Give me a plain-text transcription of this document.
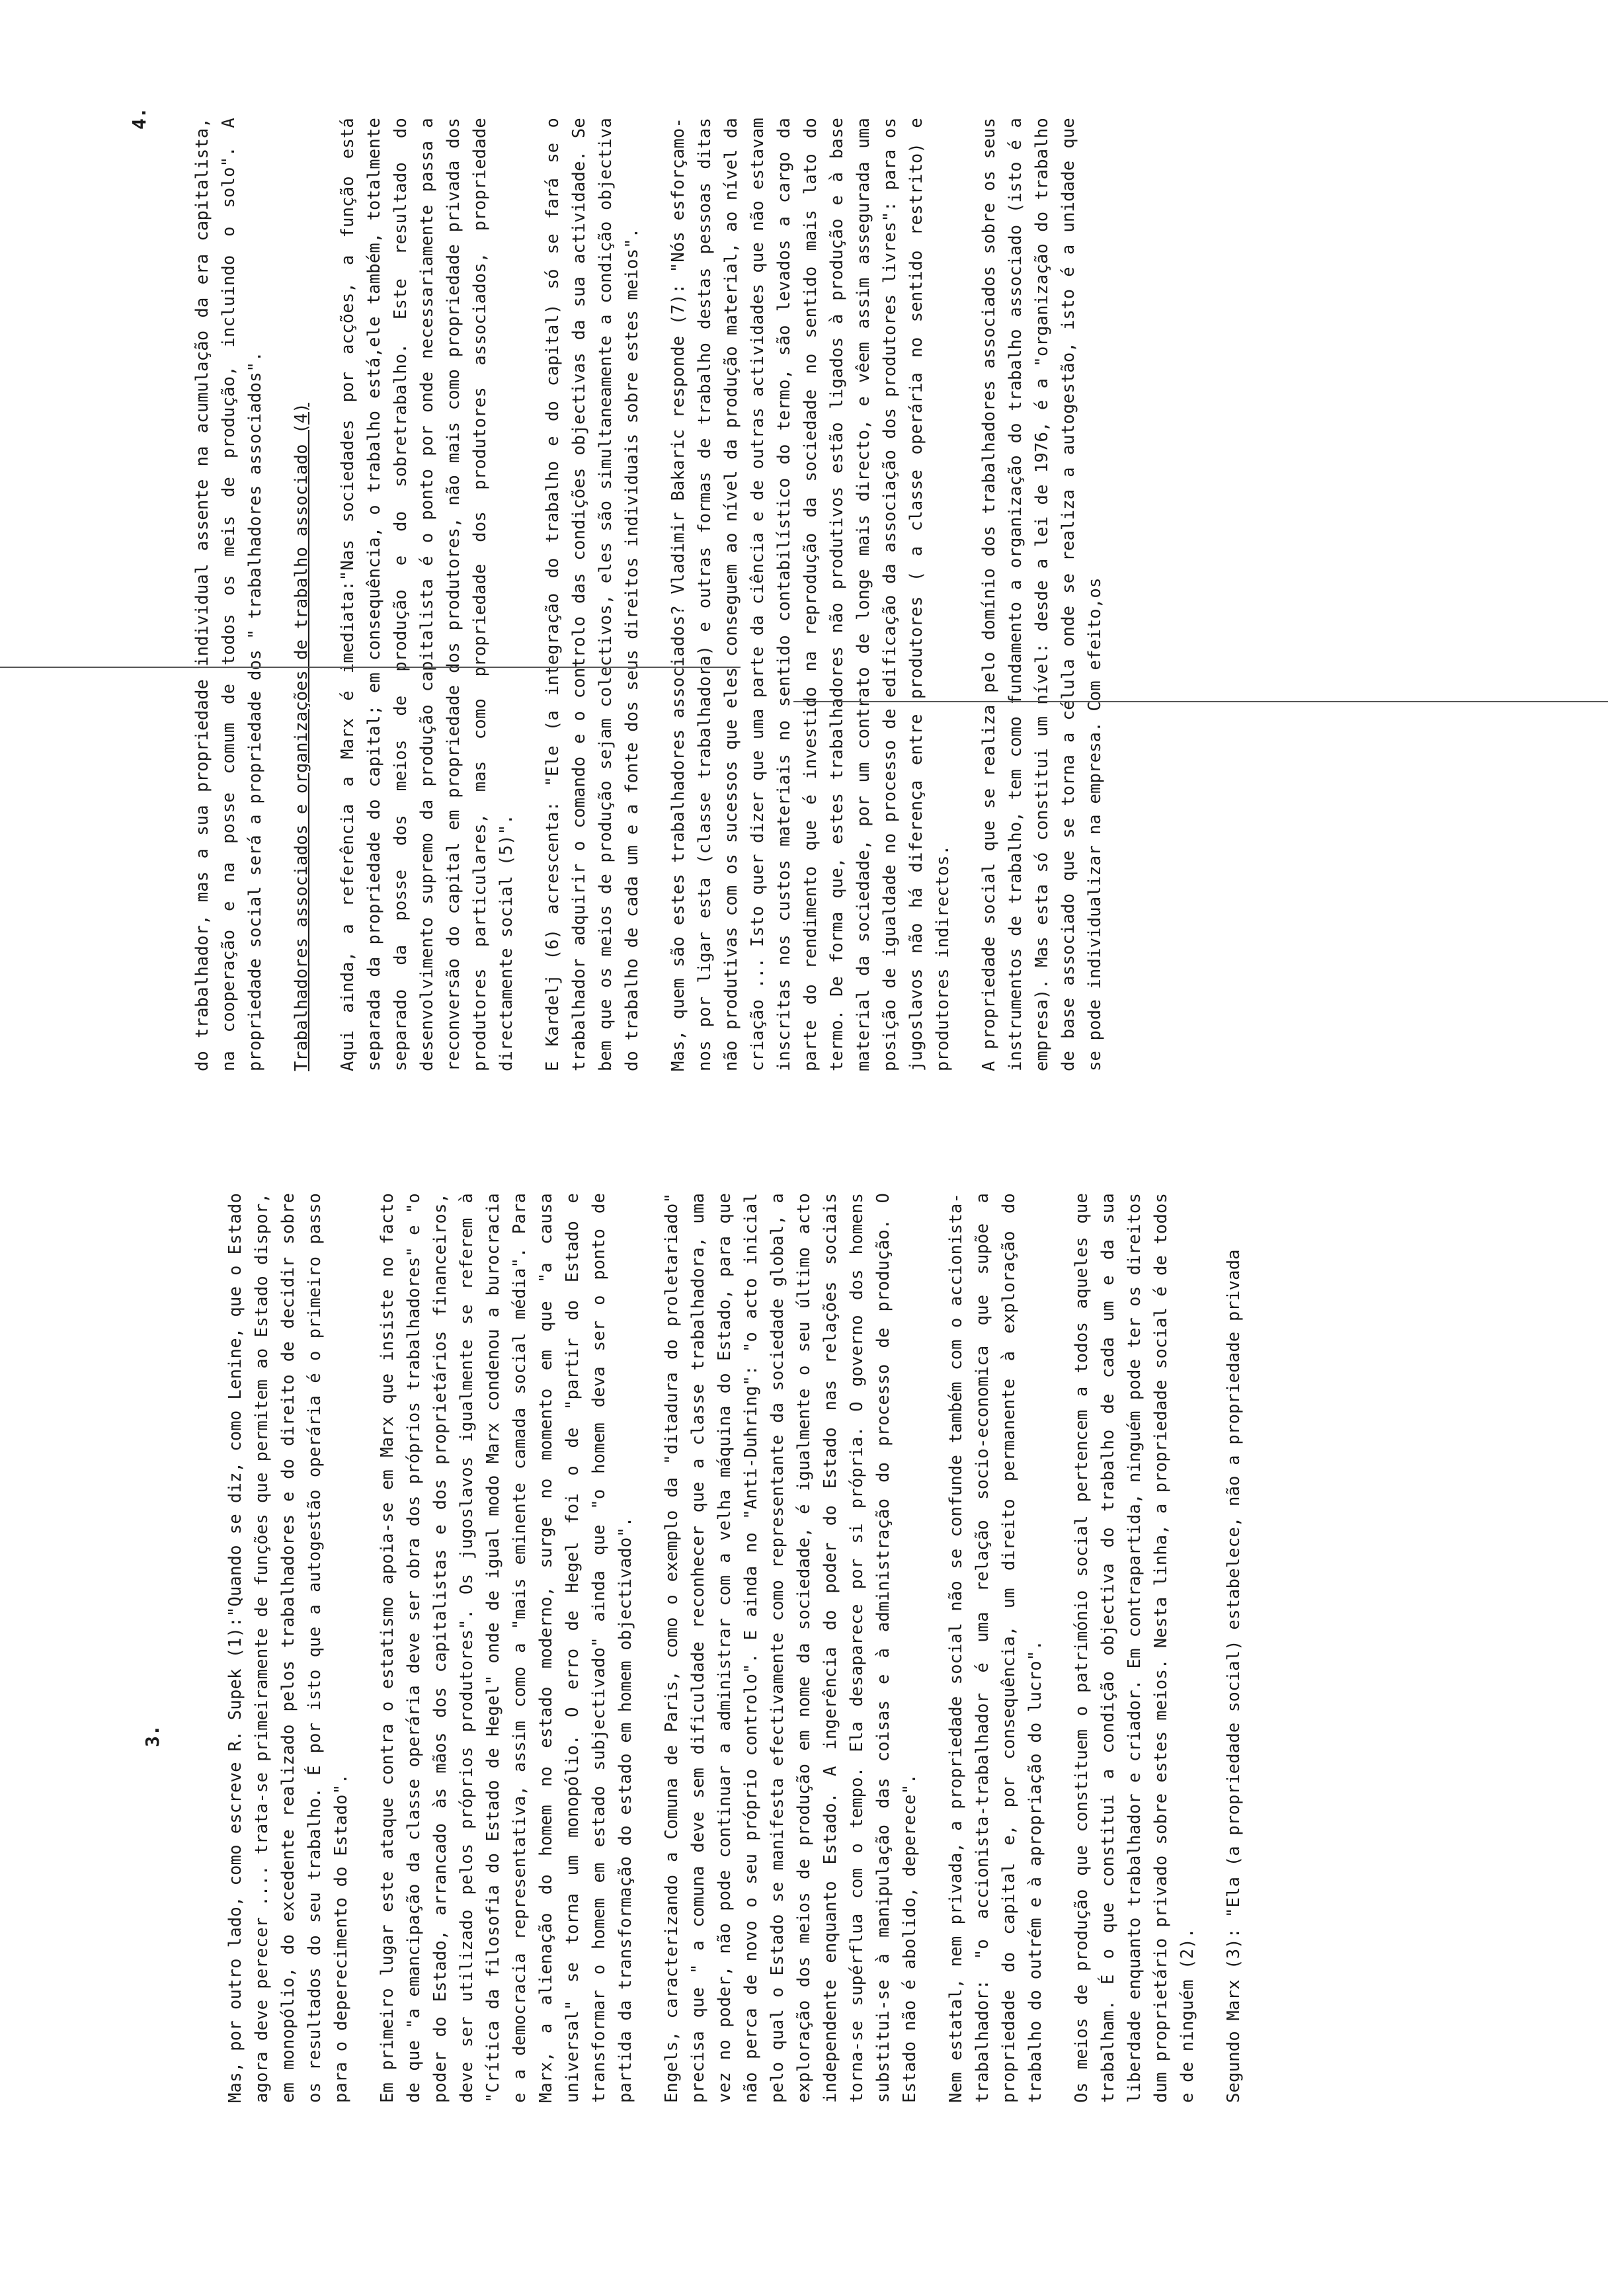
3.	Mas, por outro lado, como escreve R. Supek (1):"Quando se diz, como Lenine, que o Estado agora deve perecer .... trata-se primeiramente de funções que permitem ao Estado dispor, em monopólio, do excedente realizado pelos trabalhadores e do direito de decidir sobre os resultados do seu trabalho. É por isto que a autogestão operária é o primeiro passo para o deperecimento do Estado". Em primeiro lugar este ataque contra o estatismo apoia-se em Marx que insiste no facto de que "a emancipação da classe operária deve ser obra dos próprios trabalhadores" e "o poder do Estado, arrancado às mãos dos capitalistas e dos proprietários financeiros, deve ser utilizado pelos próprios produtores". Os jugoslavos igualmente se referem à "Crítica da filosofia do Estado de Hegel" onde de igual modo Marx condenou a burocracia e a democracia representativa, assim como a "mais eminente camada social média". Para Marx, a alienação do homem no estado moderno, surge no momento em que "a causa universal" se torna um monopólio. O erro de Hegel foi o de "partir do Estado e transformar o homem em estado subjectivado" ainda que "o homem deva ser o ponto de partida da transformação do estado em homem objectivado". Engels, caracterizando a Comuna de Paris, como o exemplo da "ditadura do proletariado" precisa que " a comuna deve sem dificuldade reconhecer que a classe trabalhadora, uma vez no poder, não pode continuar a administrar com a velha máquina do Estado, para que não perca de novo o seu próprio controlo". E ainda no "Anti-Duhring": "o acto inicial pelo qual o Estado se manifesta efectivamente como representante da sociedade global, a exploração dos meios de produção em nome da sociedade, é igualmente o seu último acto independente enquanto Estado. A ingerência do poder do Estado nas relações sociais torna-se supérflua com o tempo. Ela desaparece por si própria. O governo dos homens substitui-se à manipulação das coisas e à administração do processo de produção. O Estado não é abolido, deperece". Nem estatal, nem privada, a propriedade social não se confunde também com o accionista-trabalhador: "o accionista-trabalhador é uma relação socio-economica que supõe a propriedade do capital e, por consequência, um direito permanente à exploração do trabalho do outrém e à apropriação do lucro". Os meios de produção que constituem o património social pertencem a todos aqueles que trabalham. É o que constitui a condição objectiva do trabalho de cada um e da sua liberdade enquanto trabalhador e criador. Em contrapartida, ninguém pode ter os direitos dum proprietário privado sobre estes meios. Nesta linha, a propriedade social é de todos e de ninguém (2). Segundo Marx (3): "Ela (a propriedade social) estabelece, não a propriedade privada

4.	do trabalhador, mas a sua propriedade individual assente na acumulação da era capitalista, na cooperação e na posse comum de todos os meis de produção, incluindo o solo". A propriedade social será a propriedade dos " trabalhadores associados". Trabalhadores associados e organizações de trabalho associado (4) Aqui ainda, a referência a Marx é imediata:"Nas sociedades por acções, a função está separada da propriedade do capital; em consequência, o trabalho está,ele também, totalmente separado da posse dos meios de produção e do sobretrabalho. Este resultado do desenvolvimento supremo da produção capitalista é o ponto por onde necessariamente passa a reconversão do capital em propriedade dos produtores, não mais como propriedade privada dos produtores particulares, mas como propriedade dos produtores associados, propriedade directamente social (5)". E Kardelj (6) acrescenta: "Ele (a integração do trabalho e do capital) só se fará se o trabalhador adquirir o comando e o controlo das condições objectivas da sua actividade. Se bem que os meios de produção sejam colectivos, eles são simultaneamente a condição objectiva do trabalho de cada um e a fonte dos seus direitos individuais sobre estes meios". Mas, quem são estes trabalhadores associados? Vladimir Bakaric responde (7): "Nós esforçamo-nos por ligar esta (classe trabalhadora) e outras formas de trabalho destas pessoas ditas não produtivas com os sucessos que eles conseguem ao nível da produção material, ao nível da criação ... Isto quer dizer que uma parte da ciência e de outras actividades que não estavam inscritas nos custos materiais no sentido contabilístico do termo, são levados a cargo da parte do rendimento que é investido na reprodução da sociedade no sentido mais lato do termo. De forma que, estes trabalhadores não produtivos estão ligados à produção e à base material da sociedade, por um contrato de longe mais directo, e vêem assim assegurada uma posição de igualdade no processo de edificação da associação dos produtores livres": para os jugoslavos não há diferença entre produtores ( a classe operária no sentido restrito) e produtores indirectos. A propriedade social que se realiza pelo domínio dos trabalhadores associados sobre os seus instrumentos de trabalho, tem como fundamento a organização do trabalho associado (isto é a empresa). Mas esta só constitui um nível: desde a lei de 1976, é a "organização do trabalho de base associado que se torna a célula onde se realiza a autogestão, isto é a unidade que se pode individualizar na empresa. Com efeito,os
